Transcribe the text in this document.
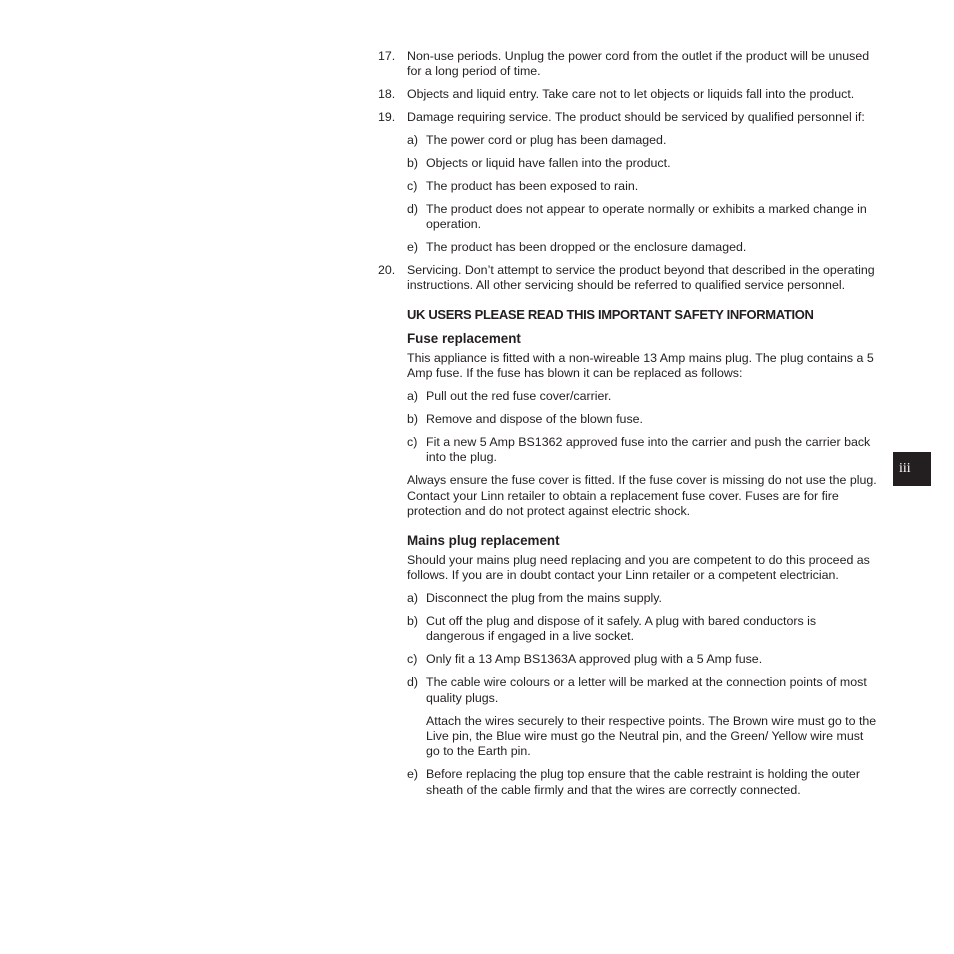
17. Non-use periods. Unplug the power cord from the outlet if the product will be unused for a long period of time.
18. Objects and liquid entry. Take care not to let objects or liquids fall into the product.
19. Damage requiring service. The product should be serviced by qualified personnel if:
a) The power cord or plug has been damaged.
b) Objects or liquid have fallen into the product.
c) The product has been exposed to rain.
d) The product does not appear to operate normally or exhibits a marked change in operation.
e) The product has been dropped or the enclosure damaged.
20. Servicing. Don’t attempt to service the product beyond that described in the operating instructions. All other servicing should be referred to qualified service personnel.
UK USERS PLEASE READ THIS IMPORTANT SAFETY INFORMATION
Fuse replacement
This appliance is fitted with a non-wireable 13 Amp mains plug. The plug contains a 5 Amp fuse. If the fuse has blown it can be replaced as follows:
a) Pull out the red fuse cover/carrier.
b) Remove and dispose of the blown fuse.
c) Fit a new 5 Amp BS1362 approved fuse into the carrier and push the carrier back into the plug.
Always ensure the fuse cover is fitted. If the fuse cover is missing do not use the plug. Contact your Linn retailer to obtain a replacement fuse cover. Fuses are for fire protection and do not protect against electric shock.
Mains plug replacement
Should your mains plug need replacing and you are competent to do this proceed as follows. If you are in doubt contact your Linn retailer or a competent electrician.
a) Disconnect the plug from the mains supply.
b) Cut off the plug and dispose of it safely. A plug with bared conductors is dangerous if engaged in a live socket.
c) Only fit a 13 Amp BS1363A approved plug with a 5 Amp fuse.
d) The cable wire colours or a letter will be marked at the connection points of most quality plugs.
Attach the wires securely to their respective points. The Brown wire must go to the Live pin, the Blue wire must go the Neutral pin, and the Green/ Yellow wire must go to the Earth pin.
e) Before replacing the plug top ensure that the cable restraint is holding the outer sheath of the cable firmly and that the wires are correctly connected.
iii
